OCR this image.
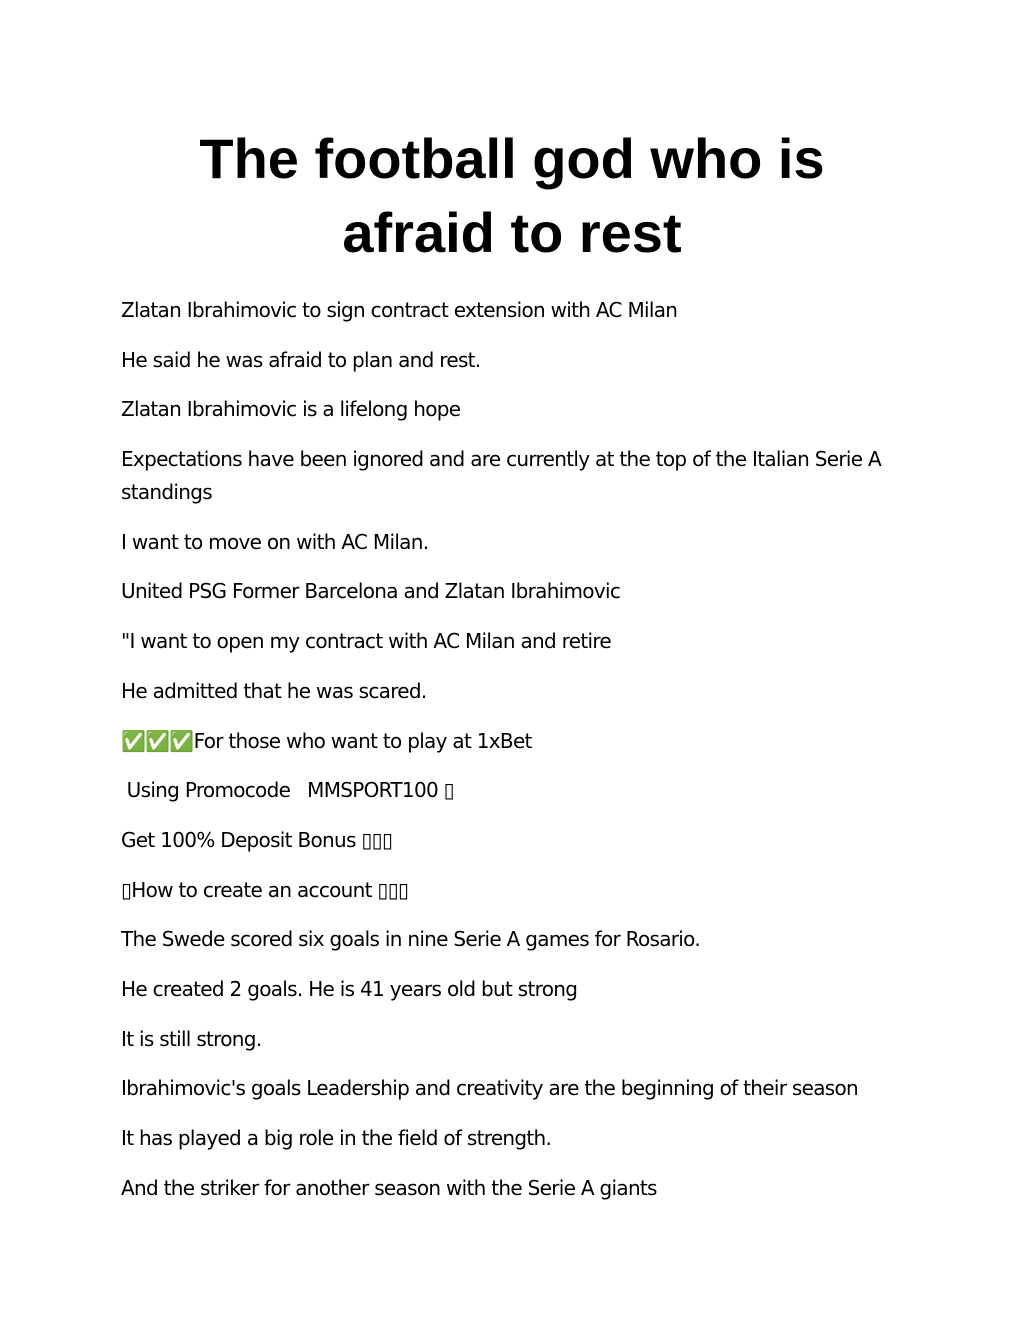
The football god who is
afraid to rest

Zlatan Ibrahimovic to sign contract extension with AC Milan

He said he was afraid to plan and rest.

Zlatan Ibrahimovic is a lifelong hope

Expectations have been ignored and are currently at the top of the Italian Serie A standings

I want to move on with AC Milan.

United PSG Former Barcelona and Zlatan Ibrahimovic

"I want to open my contract with AC Milan and retire

He admitted that he was scared.

✅✅✅For those who want to play at 1xBet

Using Promocode   MMSPORT100 ▯

Get 100% Deposit Bonus ▯▯▯

▯How to create an account ▯▯▯

The Swede scored six goals in nine Serie A games for Rosario.

He created 2 goals. He is 41 years old but strong

It is still strong.

Ibrahimovic's goals Leadership and creativity are the beginning of their season

It has played a big role in the field of strength.

And the striker for another season with the Serie A giants
